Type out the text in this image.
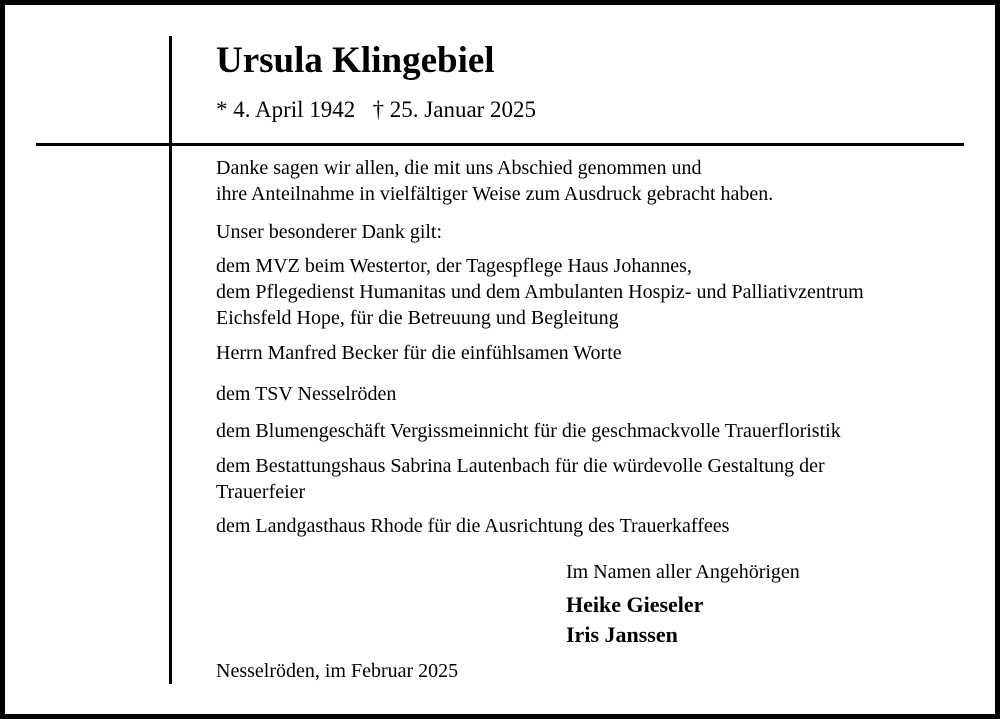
Ursula Klingebiel
* 4. April 1942   † 25. Januar 2025
Danke sagen wir allen, die mit uns Abschied genommen und
ihre Anteilnahme in vielfältiger Weise zum Ausdruck gebracht haben.
Unser besonderer Dank gilt:
dem MVZ beim Westertor, der Tagespflege Haus Johannes,
dem Pflegedienst Humanitas und dem Ambulanten Hospiz- und Palliativzentrum
Eichsfeld Hope, für die Betreuung und Begleitung
Herrn Manfred Becker für die einfühlsamen Worte
dem TSV Nesselröden
dem Blumengeschäft Vergissmeinnicht für die geschmackvolle Trauerfloristik
dem Bestattungshaus Sabrina Lautenbach für die würdevolle Gestaltung der
Trauerfeier
dem Landgasthaus Rhode für die Ausrichtung des Trauerkaffees
Im Namen aller Angehörigen
Heike Gieseler
Iris Janssen
Nesselröden, im Februar 2025
